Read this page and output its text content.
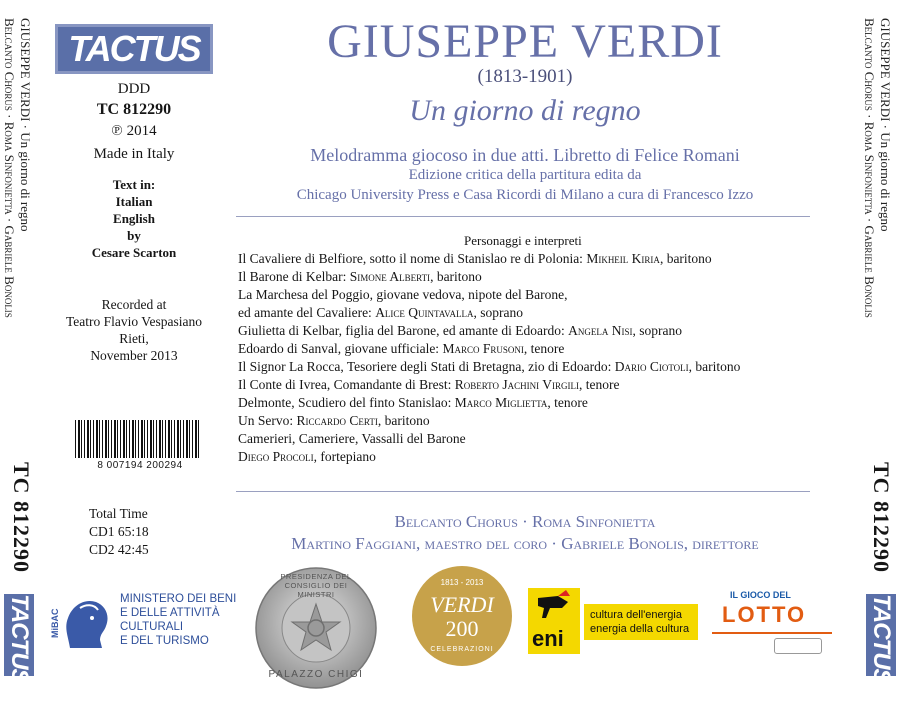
GIUSEPPE VERDI · Un giorno di regno
Belcanto Chorus · Roma Sinfonietta · Gabriele Bonolis
TC 812290
TACTUS
GIUSEPPE VERDI · Un giorno di regno
Belcanto Chorus · Roma Sinfonietta · Gabriele Bonolis
TC 812290
TACTUS
TACTUS
DDD
TC 812290
℗ 2014
Made in Italy
Text in:
Italian
English
by
Cesare Scarton
Recorded at
Teatro Flavio Vespasiano
Rieti,
November 2013
8 007194 200294
Total Time
CD1 65:18
CD2 42:45
GIUSEPPE VERDI
(1813-1901)
Un giorno di regno
Melodramma giocoso in due atti. Libretto di Felice Romani
Edizione critica della partitura edita da
Chicago University Press e Casa Ricordi di Milano a cura di Francesco Izzo
Personaggi e interpreti
Il Cavaliere di Belfiore, sotto il nome di Stanislao re di Polonia: Mikheil Kiria, baritono
Il Barone di Kelbar: Simone Alberti, baritono
La Marchesa del Poggio, giovane vedova, nipote del Barone,
ed amante del Cavaliere: Alice Quintavalla, soprano
Giulietta di Kelbar, figlia del Barone, ed amante di Edoardo: Angela Nisi, soprano
Edoardo di Sanval, giovane ufficiale: Marco Frusoni, tenore
Il Signor La Rocca, Tesoriere degli Stati di Bretagna, zio di Edoardo: Dario Ciotoli, baritono
Il Conte di Ivrea, Comandante di Brest: Roberto Jachini Virgili, tenore
Delmonte, Scudiero del finto Stanislao: Marco Miglietta, tenore
Un Servo: Riccardo Certi, baritono
Camerieri, Cameriere, Vassalli del Barone
Diego Procoli, fortepiano
Belcanto Chorus · Roma Sinfonietta
Martino Faggiani, maestro del coro · Gabriele Bonolis, direttore
MiBAC
MINISTERO DEI BENI
E DELLE ATTIVITÀ
CULTURALI
E DEL TURISMO
PRESIDENZA DEL CONSIGLIO DEI MINISTRI
PALAZZO CHIGI
1813 - 2013
VERDI
200
CELEBRAZIONI	eni
cultura dell'energia
energia della cultura
IL GIOCO DEL
LOTTO
